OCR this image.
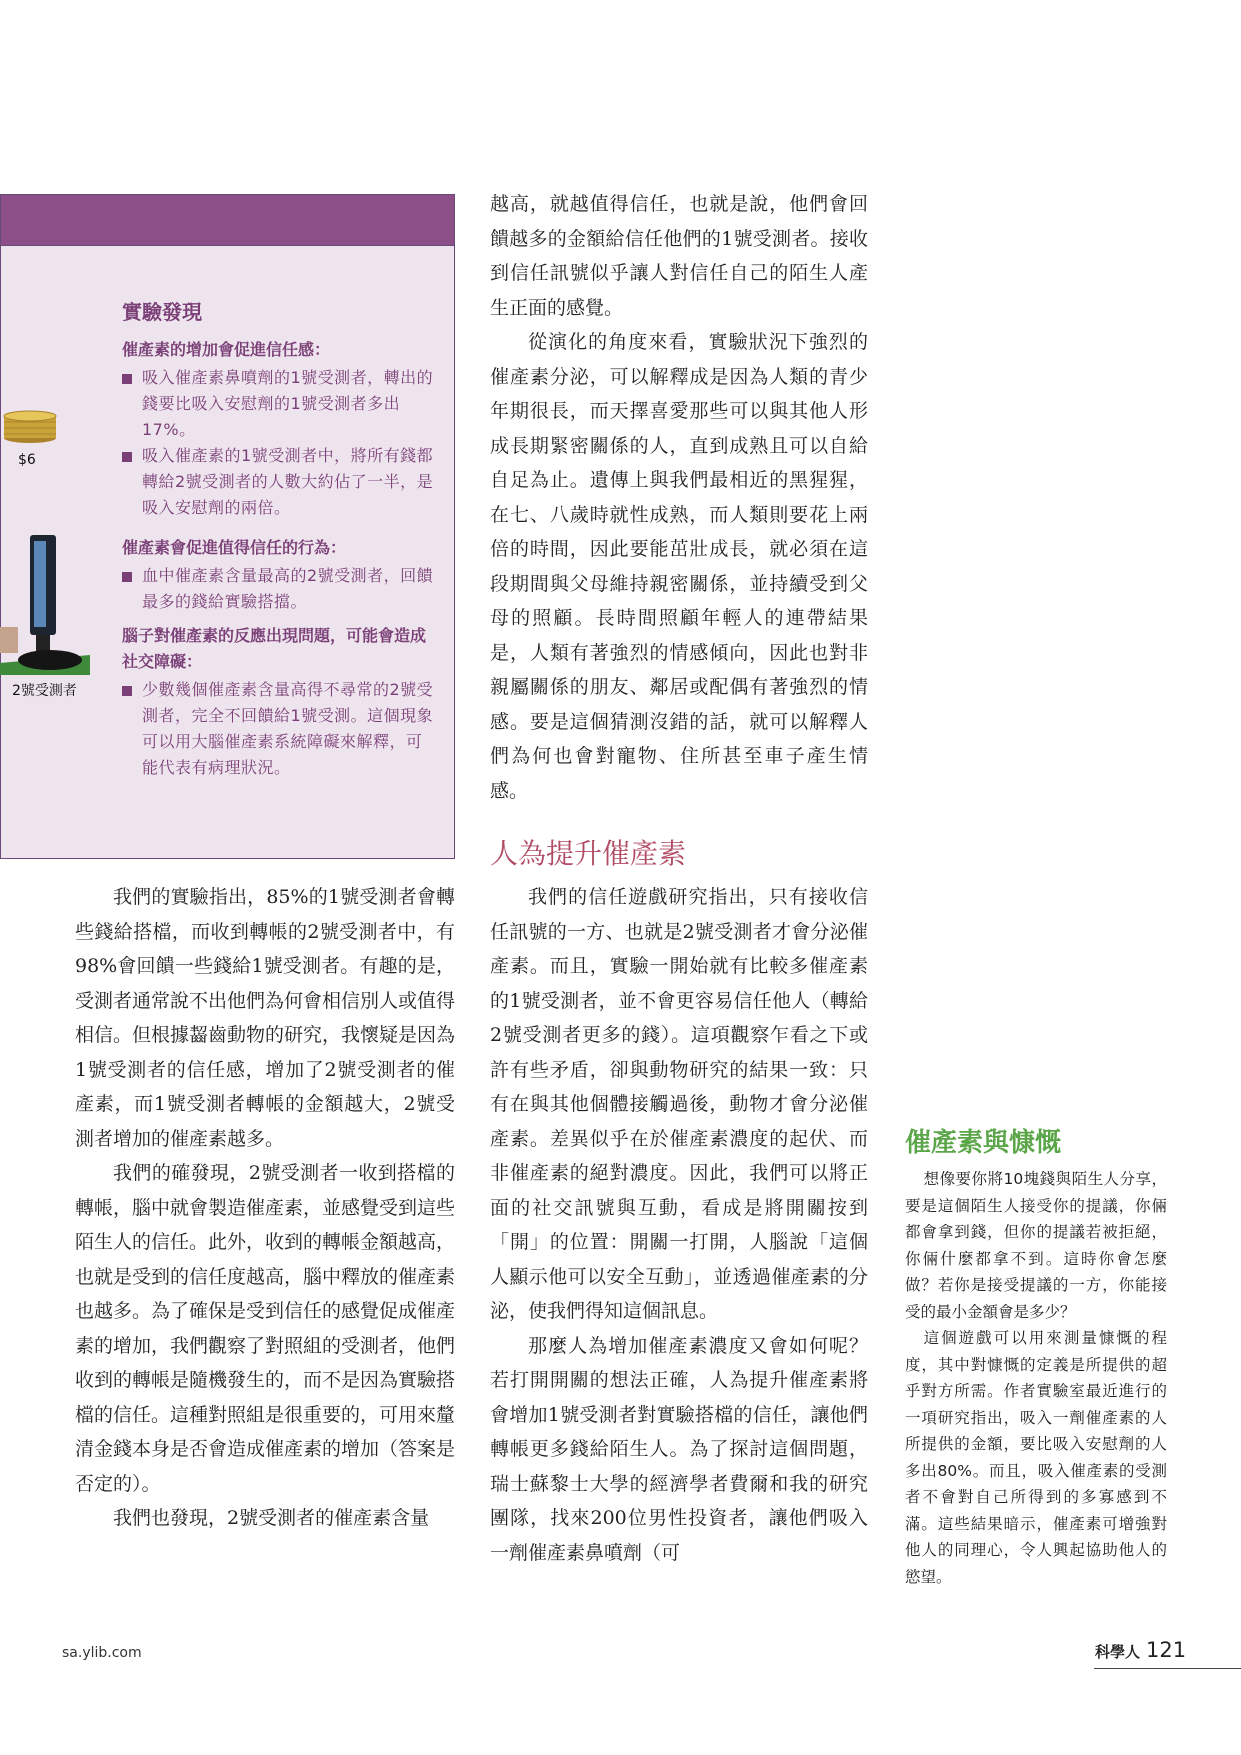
$6
2號受測者
實驗發現
催產素的增加會促進信任感：
吸入催產素鼻噴劑的1號受測者，轉出的錢要比吸入安慰劑的1號受測者多出17%。
吸入催產素的1號受測者中，將所有錢都轉給2號受測者的人數大約佔了一半，是吸入安慰劑的兩倍。
催產素會促進值得信任的行為：
血中催產素含量最高的2號受測者，回饋最多的錢給實驗搭擋。
腦子對催產素的反應出現問題，可能會造成社交障礙：
少數幾個催產素含量高得不尋常的2號受測者，完全不回饋給1號受測。這個現象可以用大腦催產素系統障礙來解釋，可能代表有病理狀況。

我們的實驗指出，85%的1號受測者會轉些錢給搭檔，而收到轉帳的2號受測者中，有98%會回饋一些錢給1號受測者。有趣的是，受測者通常說不出他們為何會相信別人或值得相信。但根據齧齒動物的研究，我懷疑是因為1號受測者的信任感，增加了2號受測者的催產素，而1號受測者轉帳的金額越大，2號受測者增加的催產素越多。

我們的確發現，2號受測者一收到搭檔的轉帳，腦中就會製造催產素，並感覺受到這些陌生人的信任。此外，收到的轉帳金額越高，也就是受到的信任度越高，腦中釋放的催產素也越多。為了確保是受到信任的感覺促成催產素的增加，我們觀察了對照組的受測者，他們收到的轉帳是隨機發生的，而不是因為實驗搭檔的信任。這種對照組是很重要的，可用來釐清金錢本身是否會造成催產素的增加（答案是否定的）。

我們也發現，2號受測者的催產素含量

越高，就越值得信任，也就是說，他們會回饋越多的金額給信任他們的1號受測者。接收到信任訊號似乎讓人對信任自己的陌生人產生正面的感覺。

從演化的角度來看，實驗狀況下強烈的催產素分泌，可以解釋成是因為人類的青少年期很長，而天擇喜愛那些可以與其他人形成長期緊密關係的人，直到成熟且可以自給自足為止。遺傳上與我們最相近的黑猩猩，在七、八歲時就性成熟，而人類則要花上兩倍的時間，因此要能茁壯成長，就必須在這段期間與父母維持親密關係，並持續受到父母的照顧。長時間照顧年輕人的連帶結果是，人類有著強烈的情感傾向，因此也對非親屬關係的朋友、鄰居或配偶有著強烈的情感。要是這個猜測沒錯的話，就可以解釋人們為何也會對寵物、住所甚至車子產生情感。

人為提升催產素

我們的信任遊戲研究指出，只有接收信任訊號的一方、也就是2號受測者才會分泌催產素。而且，實驗一開始就有比較多催產素的1號受測者，並不會更容易信任他人（轉給2號受測者更多的錢）。這項觀察乍看之下或許有些矛盾，卻與動物研究的結果一致：只有在與其他個體接觸過後，動物才會分泌催產素。差異似乎在於催產素濃度的起伏、而非催產素的絕對濃度。因此，我們可以將正面的社交訊號與互動，看成是將開關按到「開」的位置：開關一打開，人腦說「這個人顯示他可以安全互動」，並透過催產素的分泌，使我們得知這個訊息。

那麼人為增加催產素濃度又會如何呢？若打開開關的想法正確，人為提升催產素將會增加1號受測者對實驗搭檔的信任，讓他們轉帳更多錢給陌生人。為了探討這個問題，瑞士蘇黎士大學的經濟學者費爾和我的研究團隊，找來200位男性投資者，讓他們吸入一劑催產素鼻噴劑（可

催產素與慷慨

想像要你將10塊錢與陌生人分享，要是這個陌生人接受你的提議，你倆都會拿到錢，但你的提議若被拒絕，你倆什麼都拿不到。這時你會怎麼做？若你是接受提議的一方，你能接受的最小金額會是多少？

這個遊戲可以用來測量慷慨的程度，其中對慷慨的定義是所提供的超乎對方所需。作者實驗室最近進行的一項研究指出，吸入一劑催產素的人所提供的金額，要比吸入安慰劑的人多出80%。而且，吸入催產素的受測者不會對自己所得到的多寡感到不滿。這些結果暗示，催產素可增強對他人的同理心，令人興起協助他人的慾望。

sa.ylib.com	科學人 121
